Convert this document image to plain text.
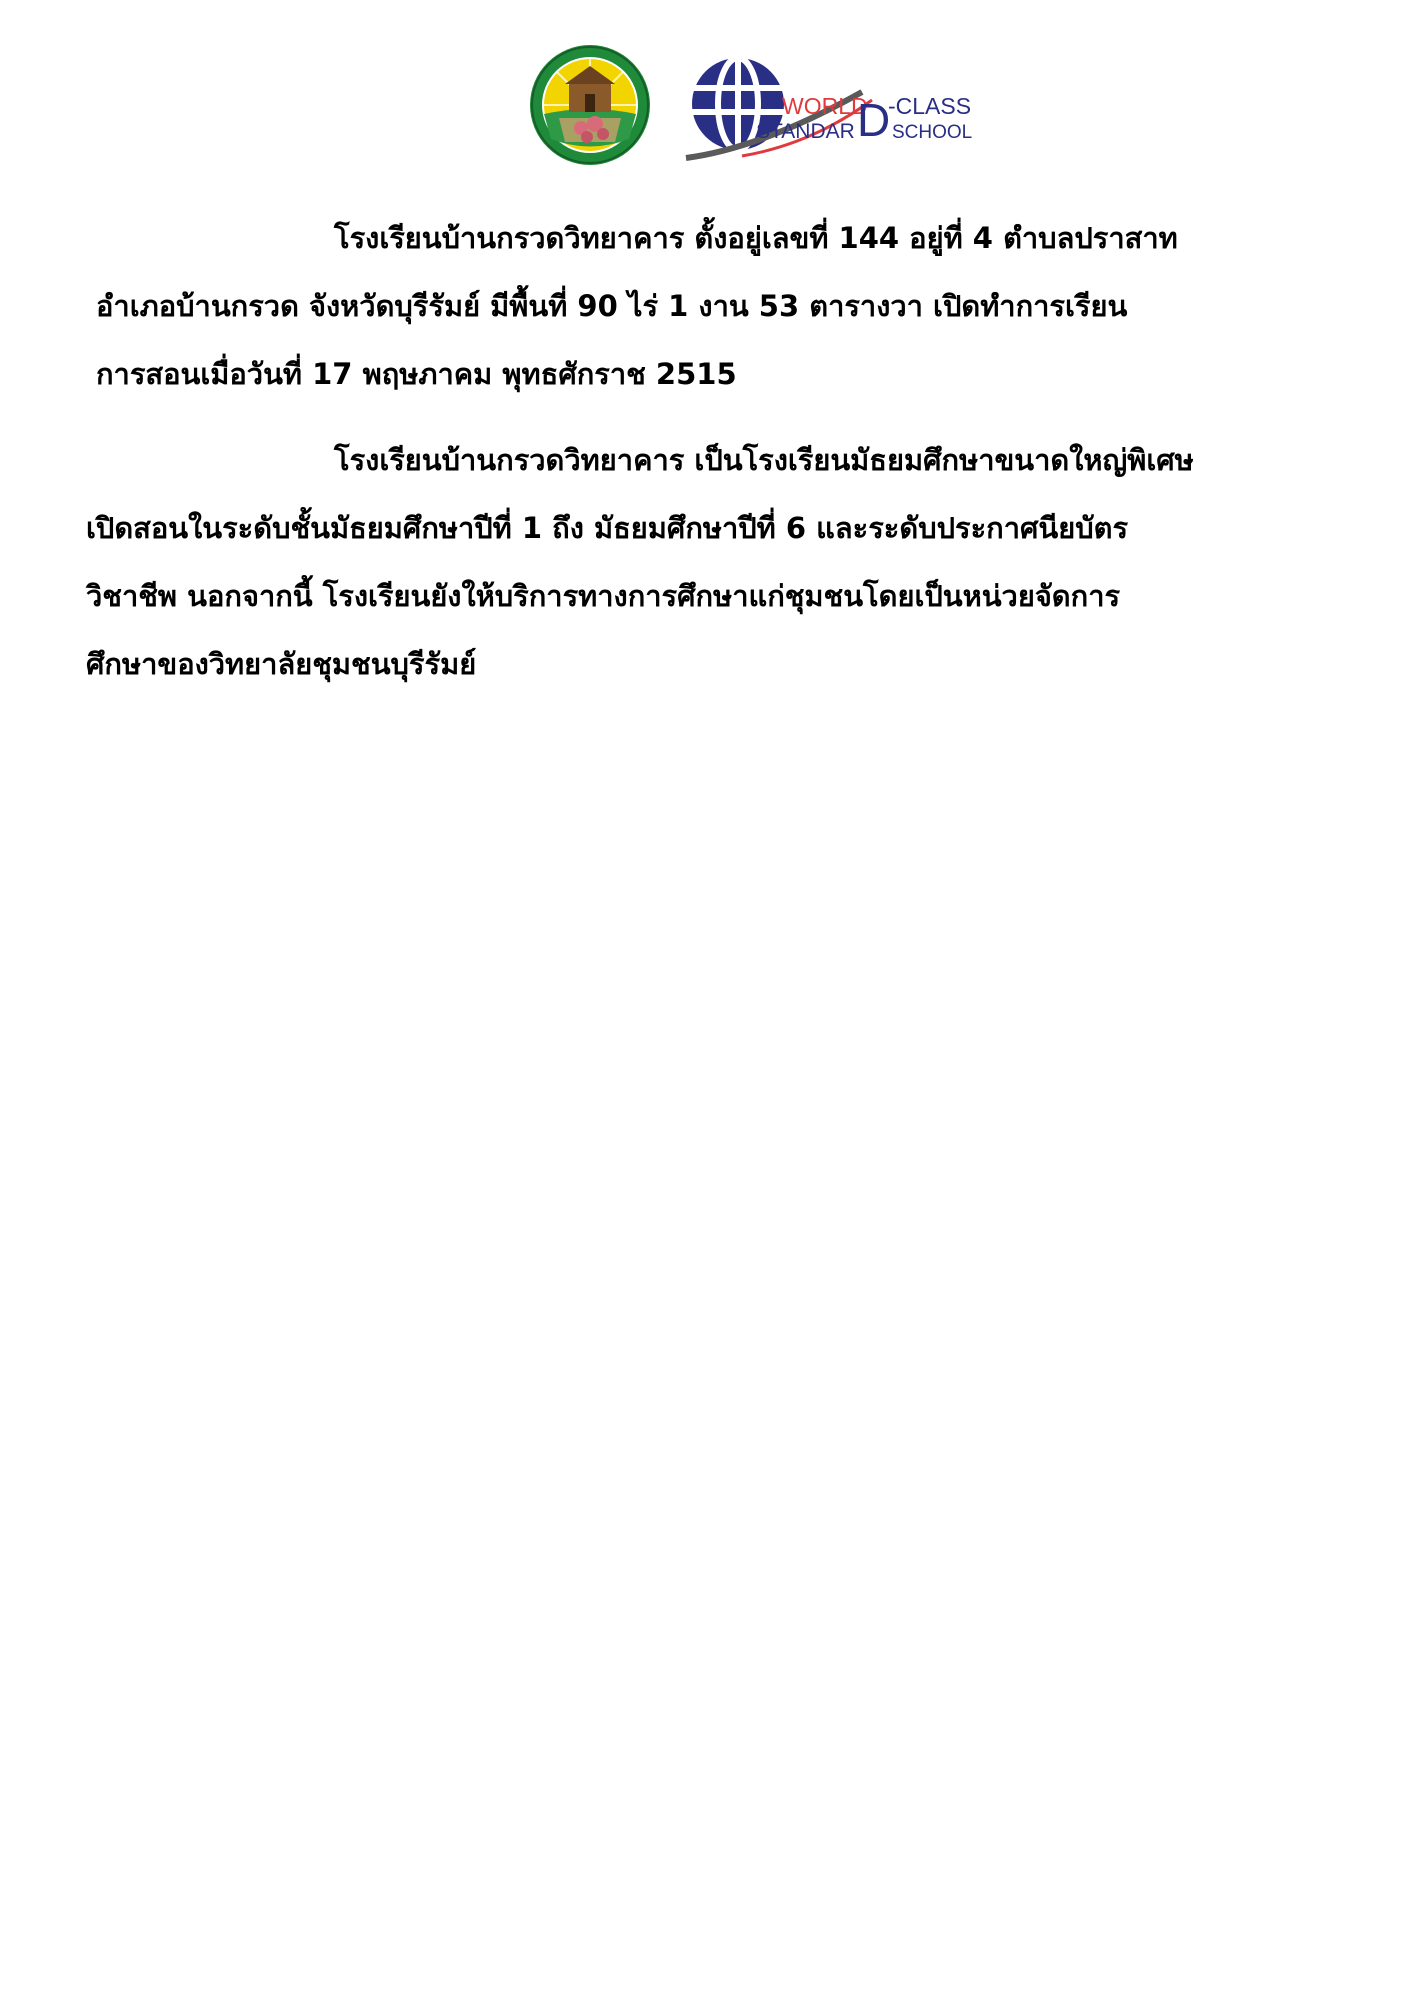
WORLD
D
-CLASS
STANDAR SCHOOL
โรงเรียนบ้านกรวดวิทยาคาร ตั้งอยู่เลขที่ 144 อยู่ที่ 4 ตำบลปราสาท
อำเภอบ้านกรวด จังหวัดบุรีรัมย์ มีพื้นที่ 90 ไร่ 1 งาน 53 ตารางวา เปิดทำการเรียน
การสอนเมื่อวันที่ 17 พฤษภาคม พุทธศักราช 2515
โรงเรียนบ้านกรวดวิทยาคาร เป็นโรงเรียนมัธยมศึกษาขนาดใหญ่พิเศษ
เปิดสอนในระดับชั้นมัธยมศึกษาปีที่ 1 ถึง มัธยมศึกษาปีที่ 6 และระดับประกาศนียบัตร
วิชาชีพ นอกจากนี้ โรงเรียนยังให้บริการทางการศึกษาแก่ชุมชนโดยเป็นหน่วยจัดการ
ศึกษาของวิทยาลัยชุมชนบุรีรัมย์
